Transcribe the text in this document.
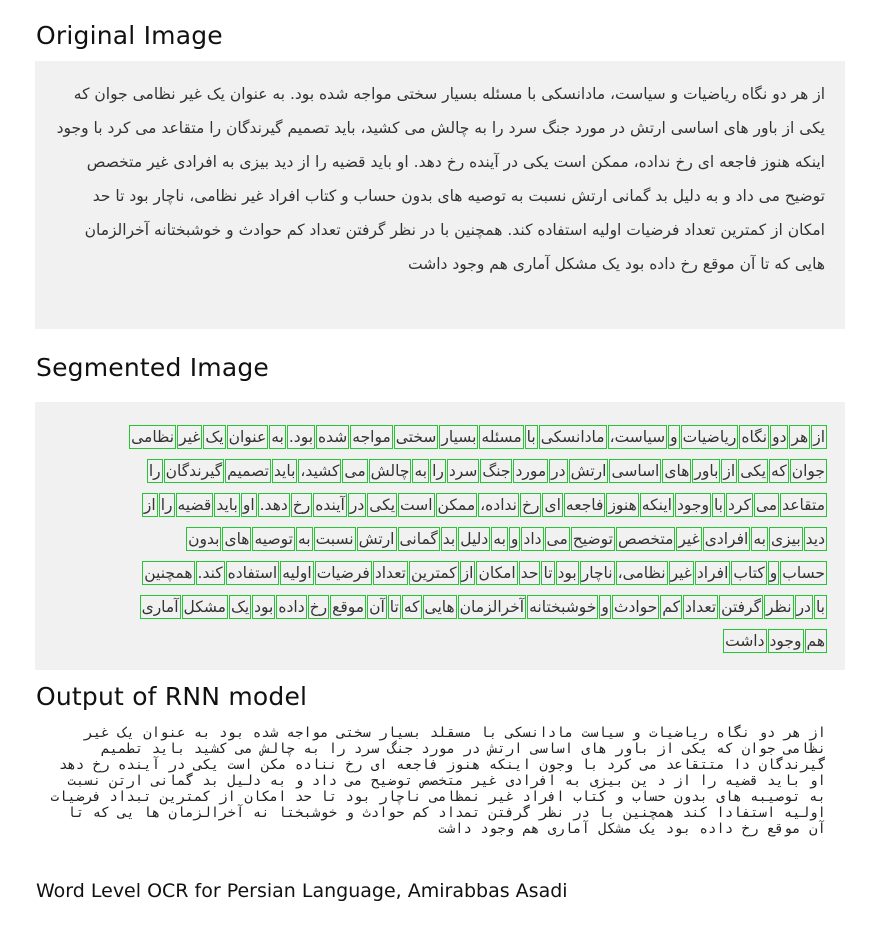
Original Image
از هر دو نگاه ریاضیات و سیاست، مادانسکی با مسئله بسیار سختی مواجه شده بود. به عنوان یک غیر نظامی جوان که یکی از باور های اساسی ارتش در مورد جنگ سرد را به چالش می کشید، باید تصمیم گیرندگان را متقاعد می کرد با وجود اینکه هنوز فاجعه ای رخ نداده، ممکن است یکی در آینده رخ دهد. او باید قضیه را از دید بیزی به افرادی غیر متخصص توضیح می داد و به دلیل بد گمانی ارتش نسبت به توصیه های بدون حساب و کتاب افراد غیر نظامی، ناچار بود تا حد امکان از کمترین تعداد فرضیات اولیه استفاده کند. همچنین با در نظر گرفتن تعداد کم حوادث و خوشبختانه آخرالزمان هایی که تا آن موقع رخ داده بود یک مشکل آماری هم وجود داشت
Segmented Image
ازهردونگاهریاضیاتوسیاست،مادانسکیبامسئلهبسیارسختیمواجهشدهبود.بهعنوانیکغیرنظامی
جوانکهیکیازباورهایاساسیارتشدرموردجنگسردرابهچالشمیکشید،بایدتصمیمگیرندگانرا
متقاعدمیکردباوجوداینکههنوزفاجعهایرخنداده،ممکناستیکیدرآیندهرخدهد.اوبایدقضیهرااز
دیدبیزیبهافرادیغیرمتخصصتوضیحمیدادوبهدلیلبدگمانیارتشنسبتبهتوصیههایبدون
حسابوکتابافرادغیرنظامی،ناچاربودتاحدامکانازکمترینتعدادفرضیاتاولیهاستفادهکند.همچنین
بادرنظرگرفتنتعدادکمحوادثوخوشبختانهآخرالزمانهاییکهتاآنموقعرخدادهبودیکمشکلآماری
هموجودداشت
Output of RNN model
از هر دو نگاه ریاضیات و سیاست مادانسکی با مسقلد بسیار سختی مواجه شده بود به عنوان یک غیر نظامی جوان که یکی از باور های اساسی ارتش در مورد جنگ سرد را به چالش می کشید باید تطمیم گیرندگان دا متتقاعد می کرد با وجون اینکه هنوز فاجعه ای رخ نناده مکن است یکی در آینده رخ دهد او باید قضیه را از د ین بیزی به افرادی غیر متخصص توضیح می داد و به دلیل بد گمانی ارتن نسبت به توصیبه های بدون حساب و کتاب افراد غیر نمظامی ناچار بود تا حد امکان از کمترین تبداد فرضیات اولیه استفادا کند همچنین با در نظر گرفتن تمداد کم حوادث و خوشبختا نه آخرالزمان ها یی که تا آن موقع رخ داده بود یک مشکل آماری هم وجود داشت
Word Level OCR for Persian Language, Amirabbas Asadi
